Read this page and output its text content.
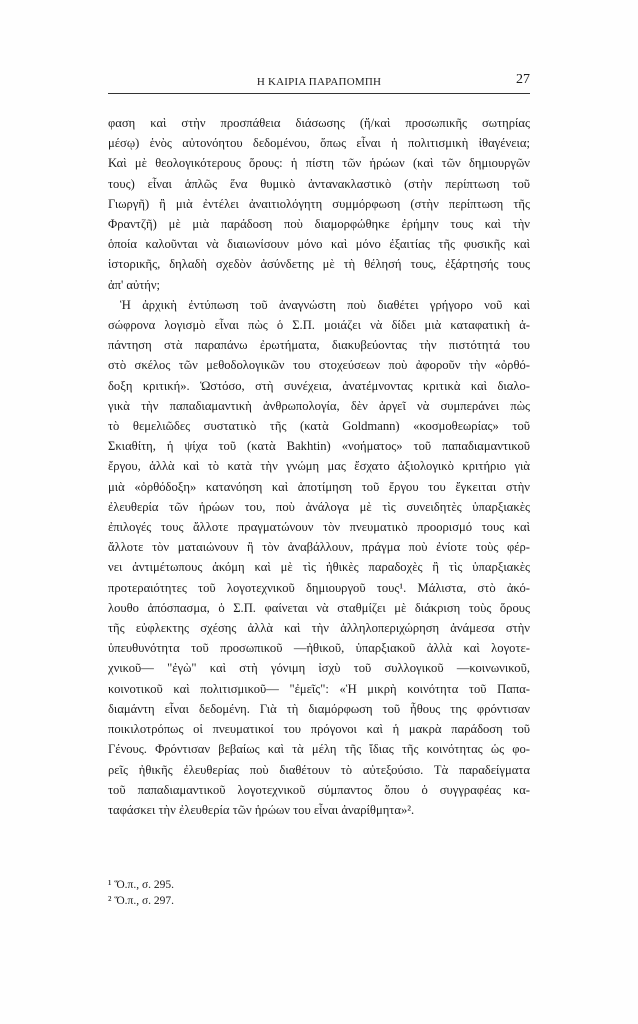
Η ΚΑΙΡΙΑ ΠΑΡΑΠΟΜΠΗ	27
φαση καὶ στὴν προσπάθεια διάσωσης (ἤ/καὶ προσωπικῆς σωτηρίας
μέσῳ) ἑνὸς αὐτονόητου δεδομένου, ὅπως εἶναι ἡ πολιτισμικὴ ἰθαγένεια;
Καὶ μὲ θεολογικότερους ὅρους: ἡ πίστη τῶν ἡρώων (καὶ τῶν δημιουργῶν
τους) εἶναι ἁπλῶς ἕνα θυμικὸ ἀντανακλαστικὸ (στὴν περίπτωση τοῦ
Γιωργῆ) ἢ μιὰ ἐντέλει ἀναιτιολόγητη συμμόρφωση (στὴν περίπτωση τῆς
Φραντζῆ) μὲ μιὰ παράδοση ποὺ διαμορφώθηκε ἐρήμην τους καὶ τὴν
ὁποία καλοῦνται νὰ διαιωνίσουν μόνο καὶ μόνο ἐξαιτίας τῆς φυσικῆς καὶ
ἱστορικῆς, δηλαδὴ σχεδὸν ἀσύνδετης μὲ τὴ θέλησή τους, ἐξάρτησής τους
ἀπ' αὐτήν;
Ἡ ἀρχικὴ ἐντύπωση τοῦ ἀναγνώστη ποὺ διαθέτει γρήγορο νοῦ καὶ
σώφρονα λογισμὸ εἶναι πὼς ὁ Σ.Π. μοιάζει νὰ δίδει μιὰ καταφατικὴ ἀ-
πάντηση στὰ παραπάνω ἐρωτήματα, διακυβεύοντας τὴν πιστότητά του
στὸ σκέλος τῶν μεθοδολογικῶν του στοχεύσεων ποὺ ἀφοροῦν τὴν «ὀρθό-
δοξη κριτική». Ὡστόσο, στὴ συνέχεια, ἀνατέμνοντας κριτικὰ καὶ διαλο-
γικὰ τὴν παπαδιαμαντικὴ ἀνθρωπολογία, δὲν ἀργεῖ νὰ συμπεράνει πὼς
τὸ θεμελιῶδες συστατικὸ τῆς (κατὰ Goldmann) «κοσμοθεωρίας» τοῦ
Σκιαθίτη, ἡ ψίχα τοῦ (κατὰ Bakhtin) «νοήματος» τοῦ παπαδιαμαντικοῦ
ἔργου, ἀλλὰ καὶ τὸ κατὰ τὴν γνώμη μας ἔσχατο ἀξιολογικὸ κριτήριο γιὰ
μιὰ «ὀρθόδοξη» κατανόηση καὶ ἀποτίμηση τοῦ ἔργου του ἔγκειται στὴν
ἐλευθερία τῶν ἡρώων του, ποὺ ἀνάλογα μὲ τὶς συνειδητὲς ὑπαρξιακὲς
ἐπιλογές τους ἄλλοτε πραγματώνουν τὸν πνευματικὸ προορισμό τους καὶ
ἄλλοτε τὸν ματαιώνουν ἢ τὸν ἀναβάλλουν, πράγμα ποὺ ἐνίοτε τοὺς φέρ-
νει ἀντιμέτωπους ἀκόμη καὶ μὲ τὶς ἠθικὲς παραδοχὲς ἢ τὶς ὑπαρξιακὲς
προτεραιότητες τοῦ λογοτεχνικοῦ δημιουργοῦ τους¹. Μάλιστα, στὸ ἀκό-
λουθο ἀπόσπασμα, ὁ Σ.Π. φαίνεται νὰ σταθμίζει μὲ διάκριση τοὺς ὅρους
τῆς εὐφλεκτης σχέσης ἀλλὰ καὶ τὴν ἀλληλοπεριχώρηση ἀνάμεσα στὴν
ὑπευθυνότητα τοῦ προσωπικοῦ —ἠθικοῦ, ὑπαρξιακοῦ ἀλλὰ καὶ λογοτε-
χνικοῦ— "ἐγὼ" καὶ στὴ γόνιμη ἰσχὺ τοῦ συλλογικοῦ —κοινωνικοῦ,
κοινοτικοῦ καὶ πολιτισμικοῦ— "ἐμεῖς": «Ἡ μικρὴ κοινότητα τοῦ Παπα-
διαμάντη εἶναι δεδομένη. Γιὰ τὴ διαμόρφωση τοῦ ἦθους της φρόντισαν
ποικιλοτρόπως οἱ πνευματικοί του πρόγονοι καὶ ἡ μακρὰ παράδοση τοῦ
Γένους. Φρόντισαν βεβαίως καὶ τὰ μέλη τῆς ἴδιας τῆς κοινότητας ὡς φο-
ρεῖς ἠθικῆς ἐλευθερίας ποὺ διαθέτουν τὸ αὐτεξούσιο. Τὰ παραδείγματα
τοῦ παπαδιαμαντικοῦ λογοτεχνικοῦ σύμπαντος ὅπου ὁ συγγραφέας κα-
ταφάσκει τὴν ἐλευθερία τῶν ἡρώων του εἶναι ἀναρίθμητα»².
¹ Ὅ.π., σ. 295.
² Ὅ.π., σ. 297.
